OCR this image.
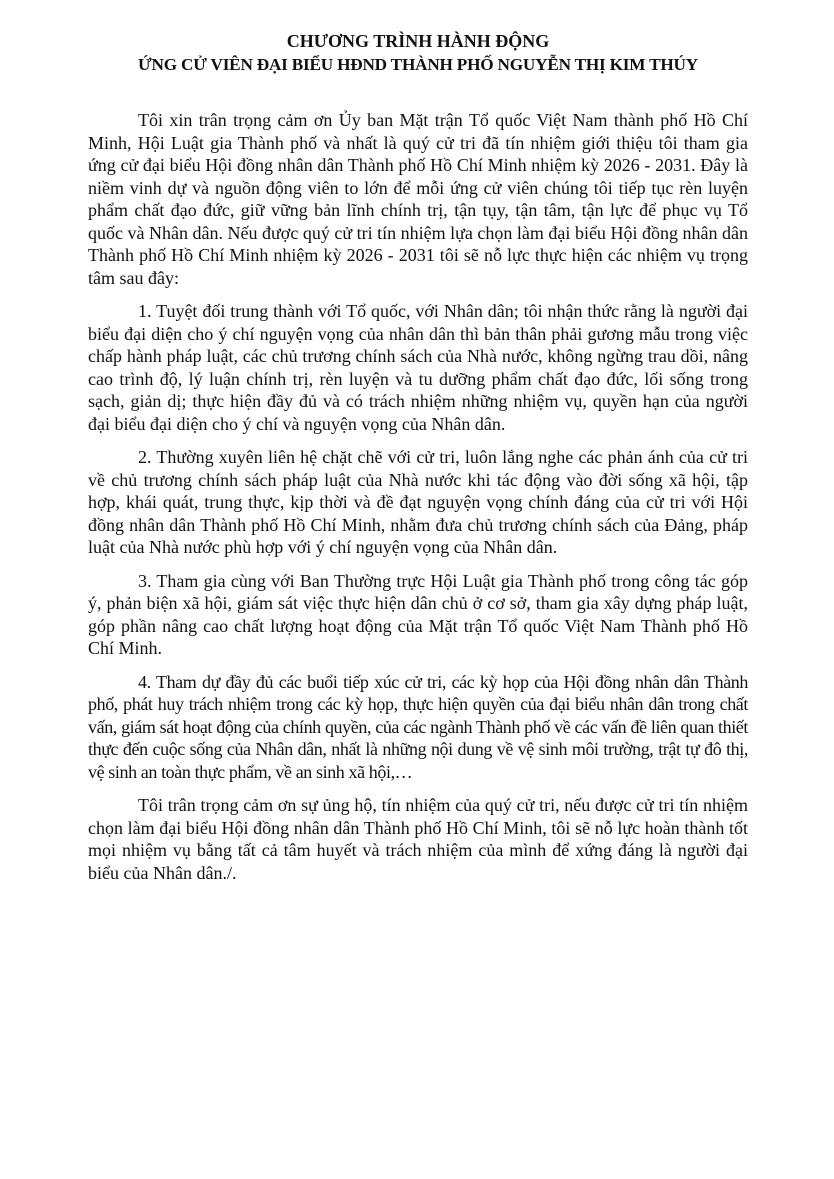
CHƯƠNG TRÌNH HÀNH ĐỘNG
ỨNG CỬ VIÊN ĐẠI BIỂU HĐND THÀNH PHỐ NGUYỄN THỊ KIM THÚY

Tôi xin trân trọng cảm ơn Ủy ban Mặt trận Tổ quốc Việt Nam thành phố Hồ Chí Minh, Hội Luật gia Thành phố và nhất là quý cử tri đã tín nhiệm giới thiệu tôi tham gia ứng cử đại biểu Hội đồng nhân dân Thành phố Hồ Chí Minh nhiệm kỳ 2026 - 2031. Đây là niềm vinh dự và nguồn động viên to lớn để mỗi ứng cử viên chúng tôi tiếp tục rèn luyện phẩm chất đạo đức, giữ vững bản lĩnh chính trị, tận tụy, tận tâm, tận lực để phục vụ Tổ quốc và Nhân dân. Nếu được quý cử tri tín nhiệm lựa chọn làm đại biểu Hội đồng nhân dân Thành phố Hồ Chí Minh nhiệm kỳ 2026 - 2031 tôi sẽ nỗ lực thực hiện các nhiệm vụ trọng tâm sau đây:

1. Tuyệt đối trung thành với Tổ quốc, với Nhân dân; tôi nhận thức rằng là người đại biểu đại diện cho ý chí nguyện vọng của nhân dân thì bản thân phải gương mẫu trong việc chấp hành pháp luật, các chủ trương chính sách của Nhà nước, không ngừng trau dồi, nâng cao trình độ, lý luận chính trị, rèn luyện và tu dưỡng phẩm chất đạo đức, lối sống trong sạch, giản dị; thực hiện đầy đủ và có trách nhiệm những nhiệm vụ, quyền hạn của người đại biểu đại diện cho ý chí và nguyện vọng của Nhân dân.

2. Thường xuyên liên hệ chặt chẽ với cử tri, luôn lắng nghe các phản ánh của cử tri về chủ trương chính sách pháp luật của Nhà nước khi tác động vào đời sống xã hội, tập hợp, khái quát, trung thực, kịp thời và đề đạt nguyện vọng chính đáng của cử tri với Hội đồng nhân dân Thành phố Hồ Chí Minh, nhằm đưa chủ trương chính sách của Đảng, pháp luật của Nhà nước phù hợp với ý chí nguyện vọng của Nhân dân.

3. Tham gia cùng với Ban Thường trực Hội Luật gia Thành phố trong công tác góp ý, phản biện xã hội, giám sát việc thực hiện dân chủ ở cơ sở, tham gia xây dựng pháp luật, góp phần nâng cao chất lượng hoạt động của Mặt trận Tổ quốc Việt Nam Thành phố Hồ Chí Minh.

4. Tham dự đầy đủ các buổi tiếp xúc cử tri, các kỳ họp của Hội đồng nhân dân Thành phố, phát huy trách nhiệm trong các kỳ họp, thực hiện quyền của đại biểu nhân dân trong chất vấn, giám sát hoạt động của chính quyền, của các ngành Thành phố về các vấn đề liên quan thiết thực đến cuộc sống của Nhân dân, nhất là những nội dung về vệ sinh môi trường, trật tự đô thị, vệ sinh an toàn thực phẩm, về an sinh xã hội,…

Tôi trân trọng cảm ơn sự ủng hộ, tín nhiệm của quý cử tri, nếu được cử tri tín nhiệm chọn làm đại biểu Hội đồng nhân dân Thành phố Hồ Chí Minh, tôi sẽ nỗ lực hoàn thành tốt mọi nhiệm vụ bằng tất cả tâm huyết và trách nhiệm của mình để xứng đáng là người đại biểu của Nhân dân./.
